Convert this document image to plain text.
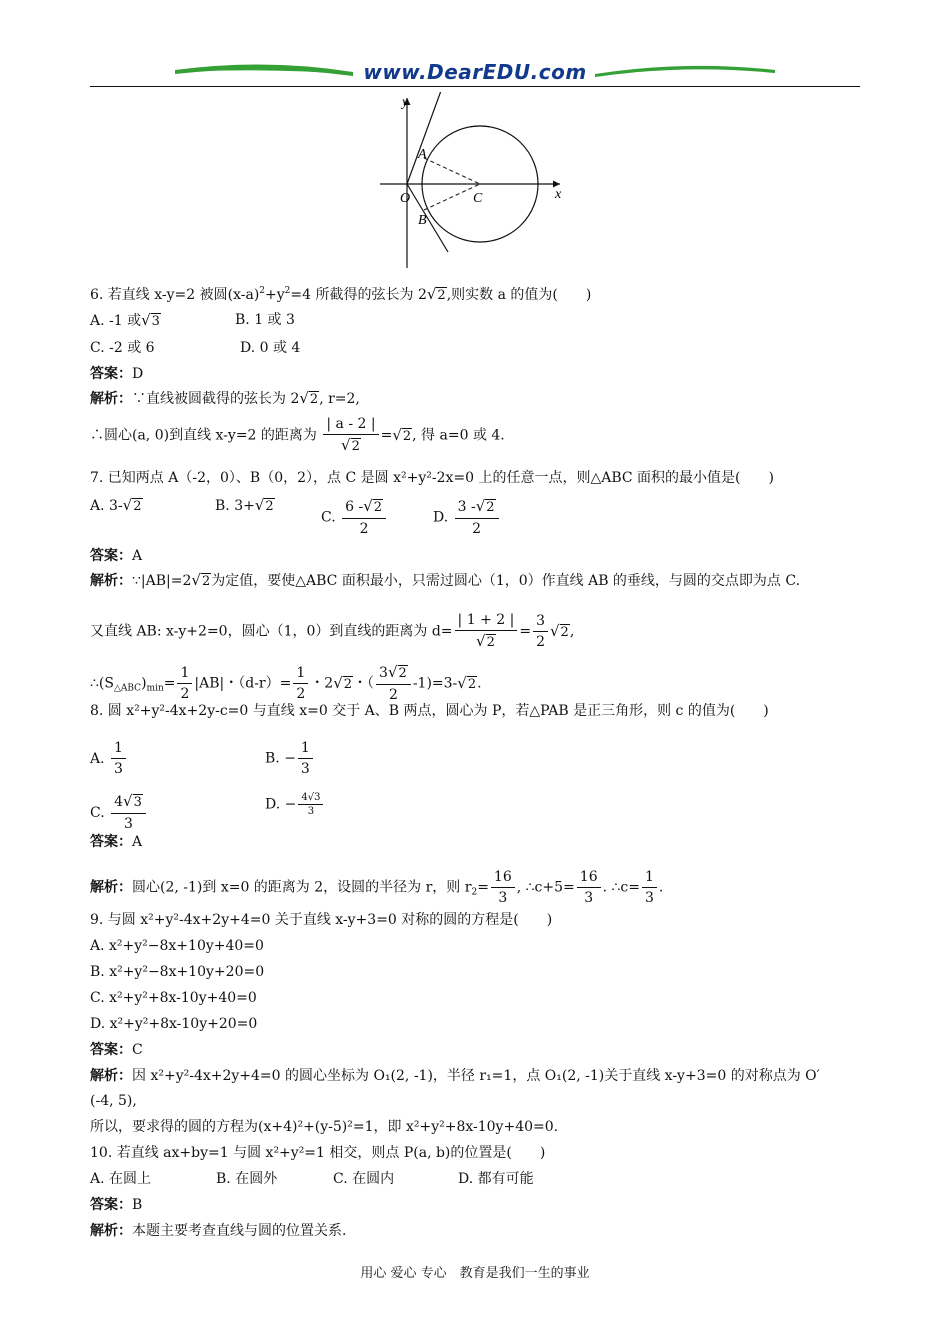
www.DearEDU.com
y
x
A
B
O	C
6. 若直线 x-y=2 被圆$(x-a)^2+y^2=4$ 所截得的弦长为 2√2,则实数 a 的值为(　　)
A. -1 或√3	B. 1 或 3
C. -2 或 6	D. 0 或 4
答案：D
解析：∵直线被圆截得的弦长为 2√2, r=2,
∴圆心(a, 0)到直线 x-y=2 的距离为 $\frac{| a - 2 |}{√2} =√2$, 得 a=0 或 4.
7. 已知两点 A（-2，0）、B（0，2），点 C 是圆 x²+y²-2x=0 上的任意一点，则△ABC 面积的最小值是(　　)
A. 3-√2	B. 3+√2
C. $\frac{6 -√2}{2}$	D. $\frac{3 -√2}{2}$
答案：A
解析：∵|AB|=2√2为定值，要使△ABC 面积最小，只需过圆心（1，0）作直线 AB 的垂线，与圆的交点即为点 C.
又直线 AB: x-y+2=0，圆心（1，0）到直线的距离为 $d= \frac{| 1 + 2 |}{√2} = \frac{3}{2} √2$,
$\therefore(S_{\triangle ABC})_{min}= \frac{1}{2} |AB|$・$(d-r)= \frac{1}{2}$ ・2√2・（ $\frac{3√2}{2} -1)=3-√2$.
8. 圆 x²+y²-4x+2y-c=0 与直线 x=0 交于 A、B 两点，圆心为 P，若△PAB 是正三角形，则 c 的值为(　　)
A. $\frac{1}{3}$	B. − $\frac{1}{3}$
C. $\frac{4√3}{3}$	D. − $\frac{4√3}{3}$
答案：A
解析：圆心(2, -1)到 x=0 的距离为 2，设圆的半径为 r，则 $r_2= \frac{16}{3}$ , ∴c+5= $\frac{16}{3}$ . ∴c= $\frac{1}{3}$ .
9. 与圆 x²+y²-4x+2y+4=0 关于直线 x-y+3=0 对称的圆的方程是(　　)
A. x²+y²−8x+10y+40=0
B. x²+y²−8x+10y+20=0
C. x²+y²+8x-10y+40=0
D. x²+y²+8x-10y+20=0
答案：C
解析：因 x²+y²-4x+2y+4=0 的圆心坐标为 O₁(2, -1)，半径 r₁=1，点 O₁(2, -1)关于直线 x-y+3=0 的对称点为 O′
(-4, 5),
所以，要求得的圆的方程为(x+4)²+(y-5)²=1，即 x²+y²+8x-10y+40=0.
10. 若直线 ax+by=1 与圆 x²+y²=1 相交，则点 P(a, b)的位置是(　　)
A. 在圆上	B. 在圆外	C. 在圆内	D. 都有可能
答案：B
解析：本题主要考查直线与圆的位置关系.
用心 爱心 专心　教育是我们一生的事业
